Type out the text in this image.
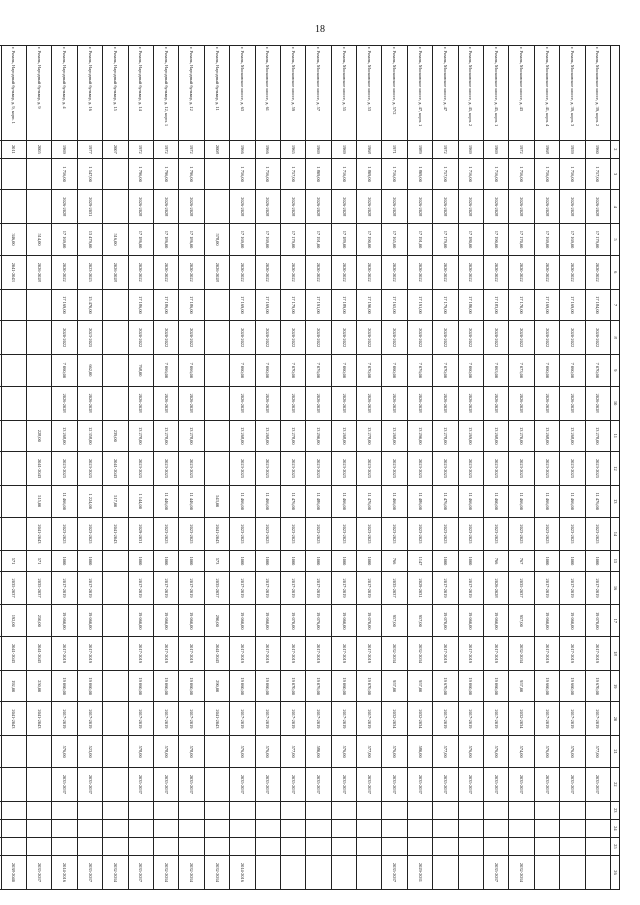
18
	2	3	4	5	6	7	8	9	10	11	12	13	14	15	16	17	18	19	20	21	22	23	24	25	26
г. Рязань, Московское шоссе, д. 39, корп. 2	1960	1 757,00	2026-2028	17 179,00	2020-2022	17 184,00	2020-2022	7 070,00	2026-2028	13 278,00	2023-2025	11 476,00	2023-2025	1000	2017-2019	19 070,00	2017-2019	19 670,00	2017-2019	577,00	2035-2037				
г. Рязань, Московское шоссе, д. 39, корп. 3	1959	1 756,00	2026-2028	17 169,00	2020-2022	17 169,00	2020-2022	7 060,00	2026-2028	13 268,00	2023-2025	11 466,00	2023-2025	1000	2017-2019	19 060,00	2017-2019	19 660,00	2017-2019	576,00	2035-2037				
г. Рязань, Московское шоссе, д. 41, корп. 4	1968	1 756,00	2026-2028	17 169,00	2020-2022	17 169,00	2020-2022	7 060,00	2026-2028	13 268,00	2023-2025	11 466,00	2023-2025	1000	2017-2019	19 060,00	2017-2019	19 660,00	2017-2019	576,00	2035-2037				
г. Рязань, Московское шоссе, д. 43	1972	1 756,00	2026-2028	17 170,00	2020-2022	17 170,00	2020-2022	7 073,00	2026-2028	13 270,00	2023-2025	11 466,00	2023-2025	767	2035-2037	957,00	2032-2034	957,00	2032-2034	574,00	2035-2037				2032-2034
г. Рязань, Московское шоссе, д. 45, корп. 1	1969	1 716,00	2026-2028	17 190,00	2020-2022	17 183,00	2020-2022	7 063,00	2026-2028	13 268,00	2023-2025	11 460,00	2023-2025	766	2026-2028	19 060,00	2017-2019	19 060,00	2017-2019	576,00	2035-2037				2035-2037
г. Рязань, Московское шоссе, д. 45, корп. 2	1969	1 716,00	2026-2028	17 180,00	2020-2022	17 180,00	2020-2022	7 060,00	2026-2028	13 269,00	2023-2025	11 466,00	2023-2025	1000	2017-2019	19 060,00	2017-2019	19 060,00	2017-2019	576,00	2035-2037				
г. Рязань, Московское шоссе, д. 47	1972	1 757,00	2026-2028	17 179,00	2020-2022	17 179,00	2020-2022	7 070,00	2026-2028	13 278,00	2023-2025	11 476,00	2023-2025	1000	2017-2019	19 070,00	2017-2019	19 670,00	2017-2019	577,00	2035-2037				
г. Рязань, Московское шоссе, д. 47, корп. 1	1989	1 809,00	2026-2028	17 191,00	2020-2022	17 191,00	2020-2022	7 076,00	2026-2028	13 290,00	2023-2025	11 486,00	2023-2025	1147	2029-2031	957,00	2032-2034	957,00	2032-2034	580,00	2035-2037				2029-2031
г. Рязань, Московское шоссе, д. 57/2	1971	1 716,00	2026-2028	17 165,00	2020-2022	17 165,00	2020-2022	7 060,00	2026-2028	13 268,00	2023-2025	11 466,00	2023-2025	766	2035-2037	957,00	2032-2034	957,00	2032-2034	576,00	2035-2037				2035-2037
г. Рязань, Московское шоссе, д. 53	1968	1 809,00	2026-2028	17 190,00	2020-2022	17 190,00	2020-2022	7 070,00	2026-2028	13 278,00	2023-2025	11 476,00	2023-2025	1000	2017-2019	19 070,00	2017-2019	19 070,00	2017-2019	577,00	2035-2037				
г. Рязань, Московское шоссе, д. 55	1969	1 716,00	2026-2028	17 189,00	2020-2022	17 189,00	2020-2022	7 060,00	2026-2028	13 268,00	2023-2025	11 466,00	2023-2025	1000	2017-2019	19 060,00	2017-2019	19 060,00	2017-2019	576,00	2035-2037				
г. Рязань, Московское шоссе, д. 57	1969	1 809,00	2026-2028	17 191,00	2020-2022	17 191,00	2020-2022	7 076,00	2026-2028	13 290,00	2023-2025	11 486,00	2023-2025	1000	2017-2019	19 076,00	2017-2019	19 076,00	2017-2019	580,00	2035-2037				
г. Рязань, Московское шоссе, д. 59	1965	1 757,00	2026-2028	17 179,00	2020-2022	17 179,00	2020-2022	7 070,00	2026-2028	13 278,00	2023-2025	11 476,00	2023-2025	1000	2017-2019	19 070,00	2017-2019	19 070,00	2017-2019	577,00	2035-2037				
г. Рязань, Московское шоссе, д. 61	1966	1 756,00	2026-2028	17 169,00	2020-2022	17 169,00	2020-2022	7 060,00	2026-2028	13 268,00	2023-2025	11 466,00	2023-2025	1000	2017-2019	19 060,00	2017-2019	19 060,00	2017-2019	576,00	2035-2037				
г. Рязань, Московское шоссе, д. 63	1966	1 756,00	2026-2028	17 169,00	2020-2022	17 169,00	2020-2022	7 060,00	2026-2028	13 268,00	2023-2025	11 466,00	2023-2025	1000	2017-2019	19 060,00	2017-2019	19 060,00	2017-2019	576,00	2035-2037				2014-2016
г. Рязань, Народный бульвар, д. 11	2008			578,00	2026-2028							543,00	2041-2043	573	2035-2037	290,00	2041-2043	290,00	2041-2043						2032-2034
г. Рязань, Народный бульвар, д. 12	1972	1 796,00	2026-2028	17 186,00	2020-2022	17 186,00	2020-2022	7 066,00	2026-2028	13 278,00	2023-2025	11 446,00	2023-2025	1000	2017-2019	19 060,00	2017-2019	19 060,00	2017-2019	578,00	2035-2037				2032-2034
г. Рязань, Народный бульвар, д. 12, корп. 1	1972	1 796,00	2026-2028	17 186,00	2020-2022	17 186,00	2020-2022	7 066,00	2026-2028	13 278,00	2023-2025	11 446,00	2023-2025	1000	2017-2019	19 060,00	2017-2019	19 060,00	2017-2019	578,00	2035-2037				2032-2034
г. Рязань, Народный бульвар, д. 14	1972	1 796,00	2026-2028	17 186,00	2020-2022	17 186,00	2020-2022	768,00	2026-2028	13 278,00	2023-2025	1 144,00	2029-2031	1000	2017-2019	19 060,00	2017-2019	19 060,00	2017-2019	578,00	2035-2037				2035-2037
г. Рязань, Народный бульвар, д. 15	2007			516,00	2026-2028					239,00	2041-2043	517,00	2041-2043												2032-2034
г. Рязань, Народный бульвар, д. 16	1977	1 547,00	2029-2031	13 479,00	2023-2025	15 470,00	2023-2025	662,00	2026-2028	12 358,00	2023-2025	1 224,00	2023-2025	1000	2017-2019	19 060,00	2017-2019	19 060,00	2017-2019	523,00	2035-2037				2035-2037
г. Рязань, Народный бульвар, д. 4	1969	1 756,00	2026-2028	17 169,00	2020-2022	17 169,00	2020-2022	7 060,00	2026-2028	13 268,00	2023-2025	11 466,00	2023-2025	1000	2017-2019	19 060,00	2017-2019	19 060,00	2017-2019	576,00	2035-2037				2014-2016
г. Рязань, Народный бульвар, д. 9	2005			514,00	2026-2028					228,00	2041-2043	515,00	2041-2043	571	2035-2037	250,00	2041-2043	250,00	2041-2043						2035-2037
г. Рязань, Народный бульвар, д. 9, корп. 1	2011			346,00	2041-2043									571	2035-2037	192,00	2041-2043	192,00	2041-2043						2038-2040
